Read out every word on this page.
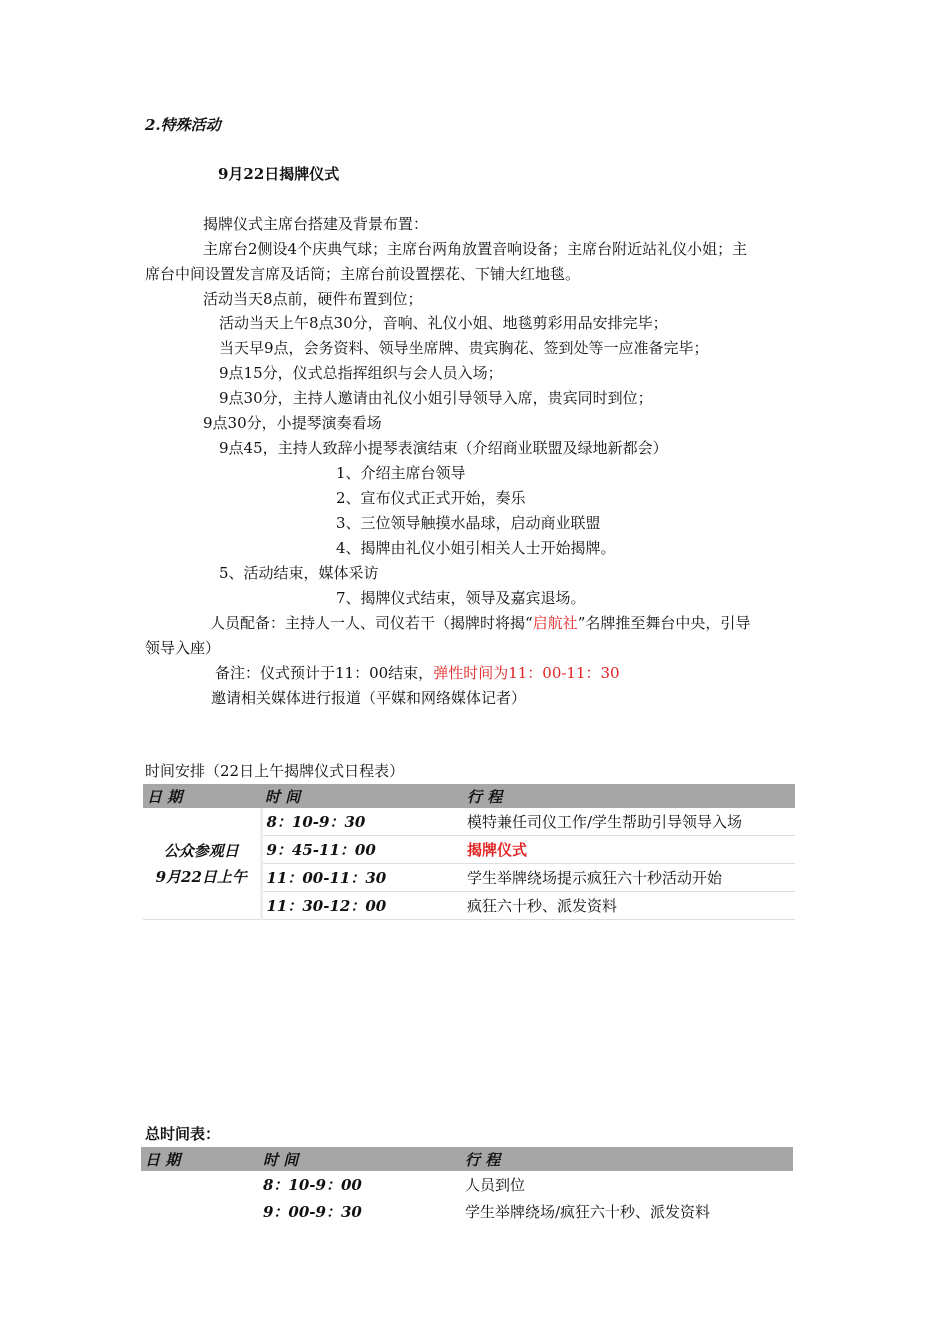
2.特殊活动
9月22日揭牌仪式
揭牌仪式主席台搭建及背景布置：
主席台2侧设4个庆典气球；主席台两角放置音响设备；主席台附近站礼仪小姐；主
席台中间设置发言席及话筒；主席台前设置摆花、下铺大红地毯。
活动当天8点前，硬件布置到位；
活动当天上午8点30分，音响、礼仪小姐、地毯剪彩用品安排完毕；
当天早9点，会务资料、领导坐席牌、贵宾胸花、签到处等一应准备完毕；
9点15分，仪式总指挥组织与会人员入场；
9点30分，主持人邀请由礼仪小姐引导领导入席，贵宾同时到位；
9点30分，小提琴演奏看场
9点45，主持人致辞小提琴表演结束（介绍商业联盟及绿地新都会）
1、介绍主席台领导
2、宣布仪式正式开始，奏乐
3、三位领导触摸水晶球，启动商业联盟
4、揭牌由礼仪小姐引相关人士开始揭牌。
5、活动结束，媒体采访
7、揭牌仪式结束，领导及嘉宾退场。
人员配备：主持人一人、司仪若干（揭牌时将揭“启航社”名牌推至舞台中央，引导
领导入座）
备注：仪式预计于11：00结束，弹性时间为11：00-11：30
邀请相关媒体进行报道（平媒和网络媒体记者）
时间安排（22日上午揭牌仪式日程表）
日 期	时 间	行 程

公众参观日
9月22日上午	8：10-9：30	模特兼任司仪工作/学生帮助引导领导入场
	9：45-11：00	揭牌仪式
	11：00-11：30	学生举牌绕场提示疯狂六十秒活动开始
	11：30-12：00	疯狂六十秒、派发资料
总时间表：
日 期	时 间	行 程
	8：10-9：00	人员到位
	9：00-9：30	学生举牌绕场/疯狂六十秒、派发资料
